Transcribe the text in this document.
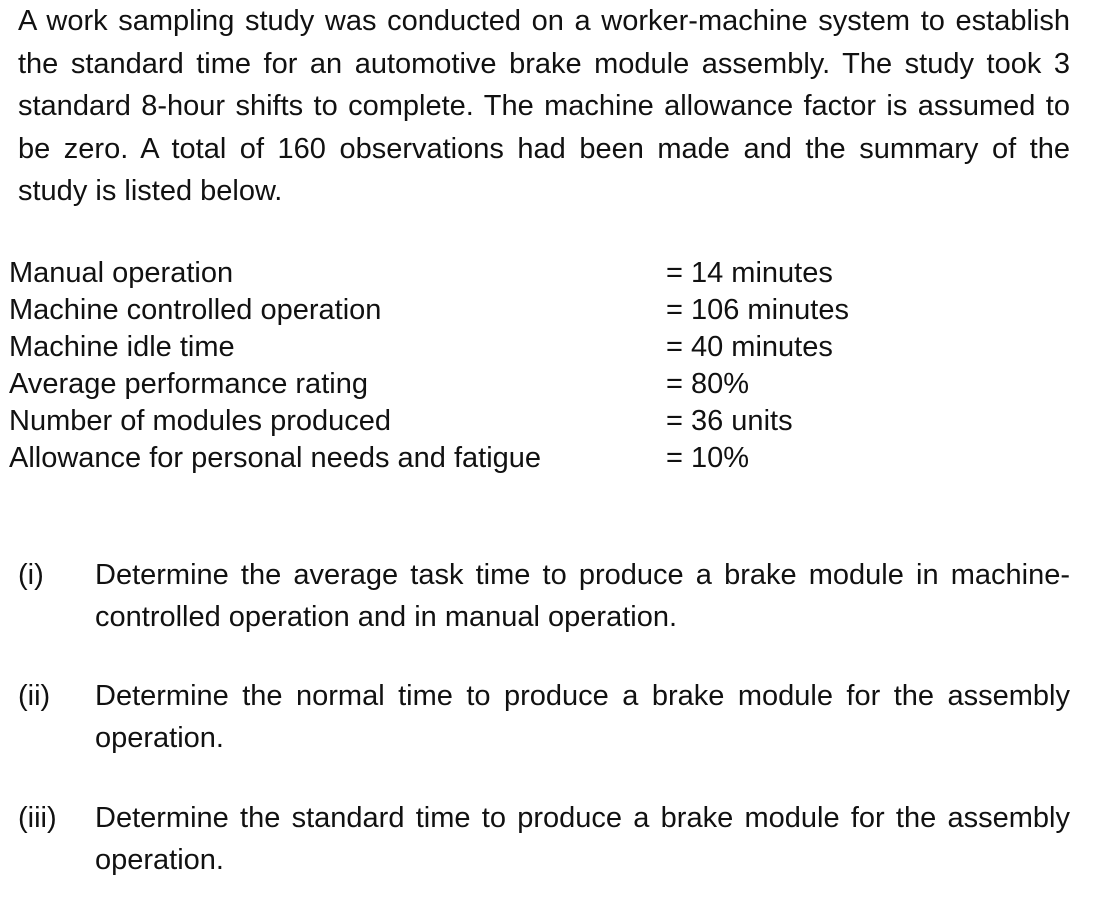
A work sampling study was conducted on a worker-machine system to establish the standard time for an automotive brake module assembly. The study took 3 standard 8-hour shifts to complete. The machine allowance factor is assumed to be zero. A total of 160 observations had been made and the summary of the study is listed below.

Manual operation	= 14 minutes
Machine controlled operation	= 106 minutes
Machine idle time	= 40 minutes
Average performance rating	= 80%
Number of modules produced	= 36 units
Allowance for personal needs and fatigue	= 10%
(i) Determine the average task time to produce a brake module in machine-controlled operation and in manual operation.
(ii) Determine the normal time to produce a brake module for the assembly operation.
(iii) Determine the standard time to produce a brake module for the assembly operation.
